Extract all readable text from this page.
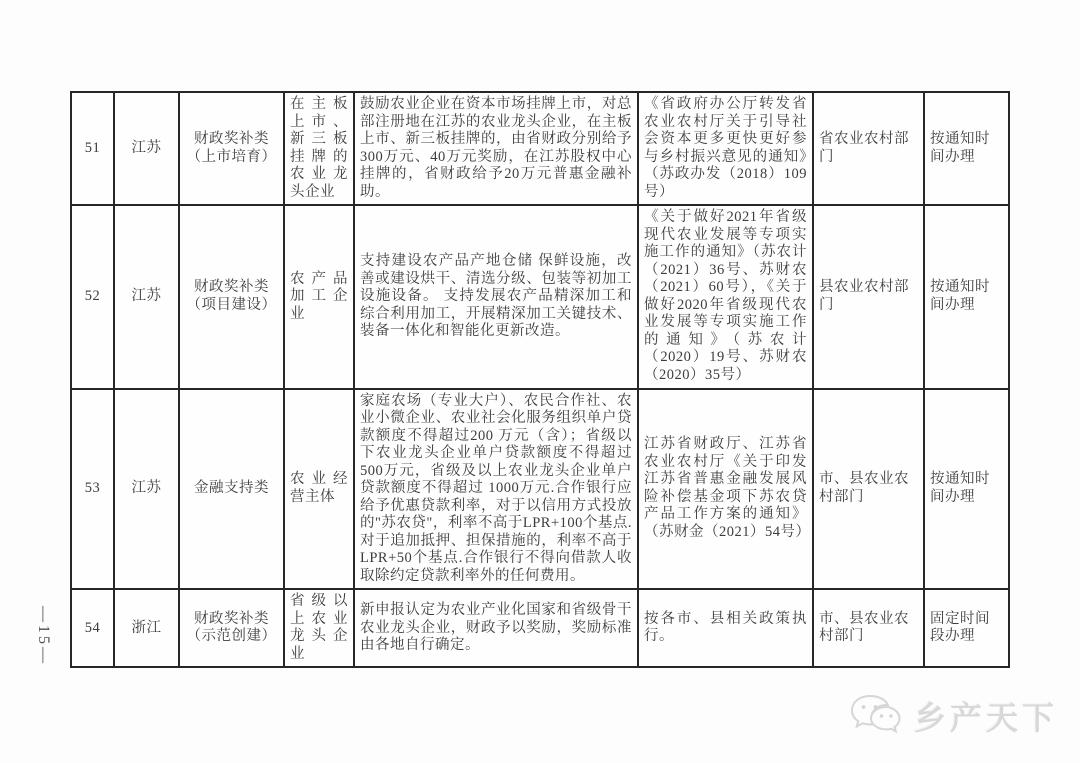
—15—
51	江苏	财政奖补类（上市培育）	在主板上市、新三板挂牌的农业龙头企业	鼓励农业企业在资本市场挂牌上市，对总部注册地在江苏的农业龙头企业，在主板上市、新三板挂牌的，由省财政分别给予300万元、40万元奖励，在江苏股权中心挂牌的，省财政给予20万元普惠金融补助。	《省政府办公厅转发省农业农村厅关于引导社会资本更多更快更好参与乡村振兴意见的通知》（苏政办发（2018）109号）	省农业农村部门	按通知时间办理
52	江苏	财政奖补类（项目建设）	农产品加工企业	支持建设农产品产地仓储 保鲜设施，改善或建设烘干、清选分级、包装等初加工设施设备。 支持发展农产品精深加工和综合利用加工，开展精深加工关键技术、装备一体化和智能化更新改造。	《关于做好2021年省级现代农业发展等专项实施工作的通知》（苏农计（2021）36号、苏财农（2021）60号），《关于做好2020年省级现代农业发展等专项实施工作的通知》（苏农计（2020）19号、苏财农（2020）35号）	县农业农村部门	按通知时间办理
53	江苏	金融支持类	农业经营主体	家庭农场（专业大户）、农民合作社、农业小微企业、农业社会化服务组织单户贷款额度不得超过200 万元（含）；省级以下农业龙头企业单户贷款额度不得超过 500万元，省级及以上农业龙头企业单户贷款额度不得超过 1000万元.合作银行应给予优惠贷款利率，对于以信用方式投放的"苏农贷"，利率不高于LPR+100个基点. 对于追加抵押、担保措施的，利率不高于LPR+50个基点.合作银行不得向借款人收取除约定贷款利率外的任何费用。	江苏省财政厅、江苏省农业农村厅《关于印发江苏省普惠金融发展风险补偿基金项下苏农贷产品工作方案的通知》（苏财金（2021）54号）	市、县农业农村部门	按通知时间办理
54	浙江	财政奖补类（示范创建）	省级以上农业龙头企业	新申报认定为农业产业化国家和省级骨干农业龙头企业，财政予以奖励，奖励标准由各地自行确定。	按各市、县相关政策执行。	市、县农业农村部门	固定时间段办理
乡产天下
